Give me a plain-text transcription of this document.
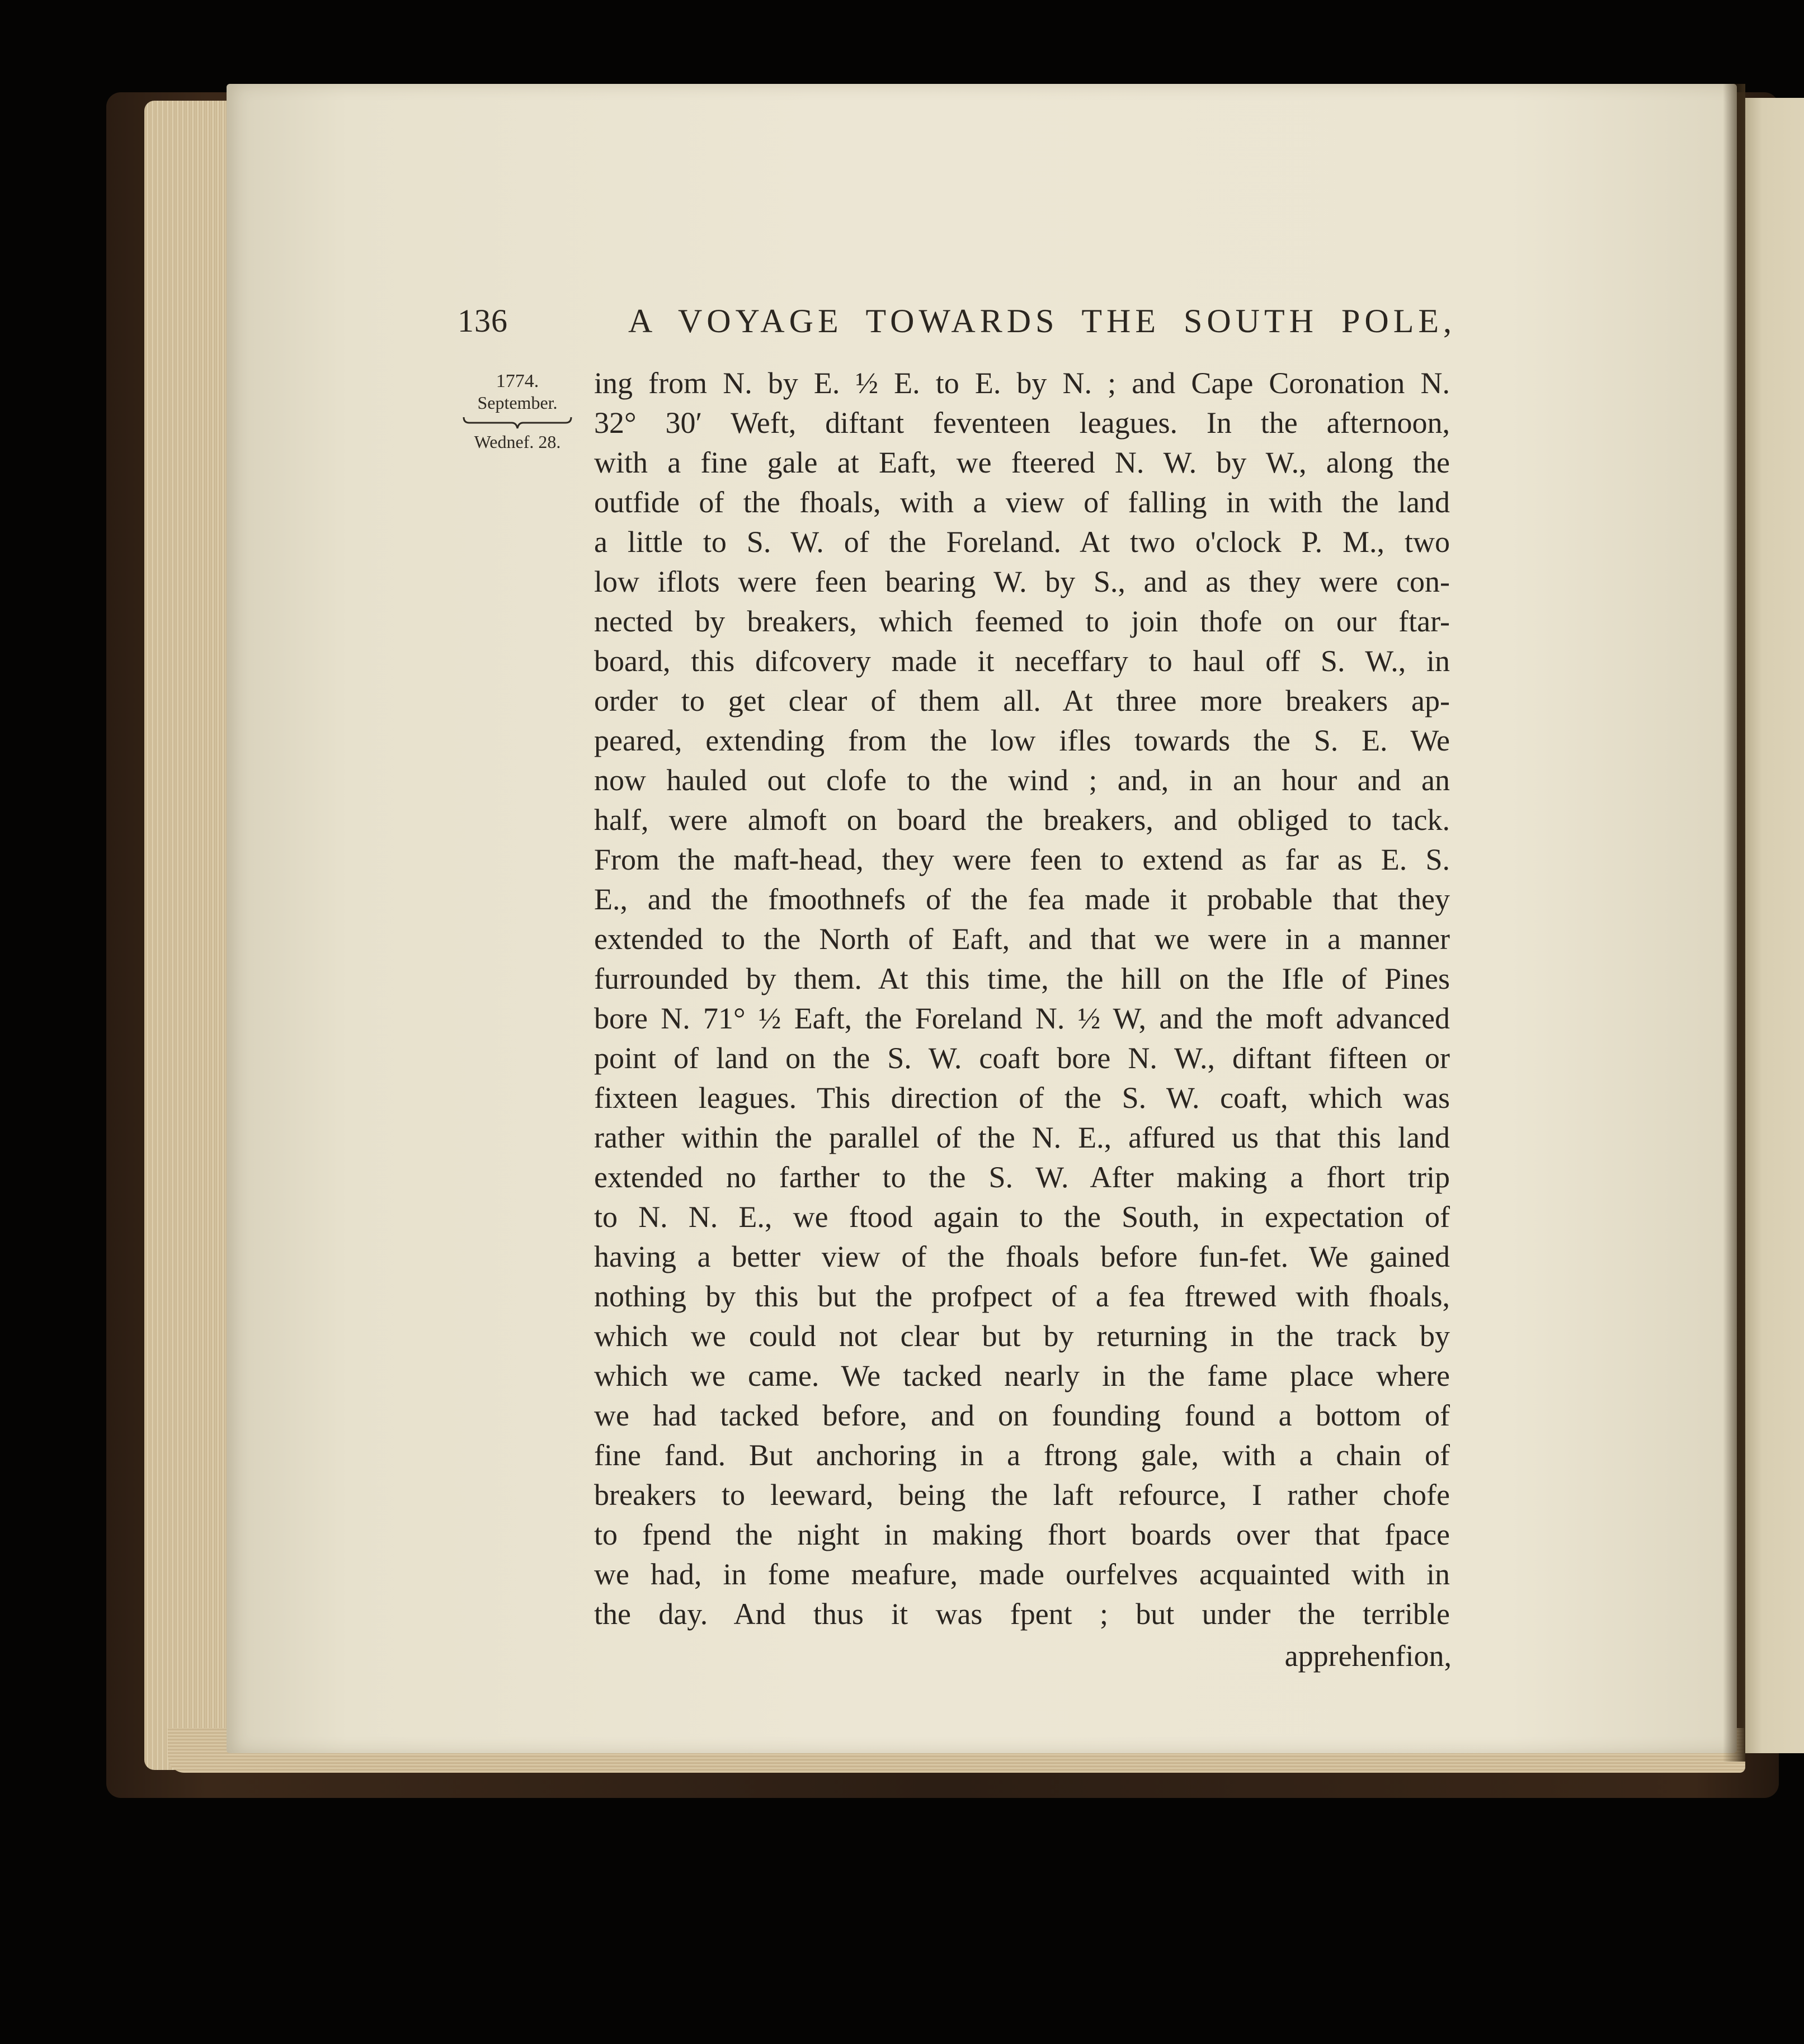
136	A VOYAGE TOWARDS THE SOUTH POLE,
1774.
September.
Wednef. 28.
ing from N. by E. ½ E. to E. by N. ; and Cape Coronation N.
32° 30′ Weft, diftant feventeen leagues. In the afternoon,
with a fine gale at Eaft, we fteered N. W. by W., along the
outfide of the fhoals, with a view of falling in with the land
a little to S. W. of the Foreland. At two o'clock P. M., two
low iflots were feen bearing W. by S., and as they were con-
nected by breakers, which feemed to join thofe on our ftar-
board, this difcovery made it neceffary to haul off S. W., in
order to get clear of them all. At three more breakers ap-
peared, extending from the low ifles towards the S. E. We
now hauled out clofe to the wind ; and, in an hour and an
half, were almoft on board the breakers, and obliged to tack.
From the maft-head, they were feen to extend as far as E. S.
E., and the fmoothnefs of the fea made it probable that they
extended to the North of Eaft, and that we were in a manner
furrounded by them. At this time, the hill on the Ifle of Pines
bore N. 71° ½ Eaft, the Foreland N. ½ W, and the moft advanced
point of land on the S. W. coaft bore N. W., diftant fifteen or
fixteen leagues. This direction of the S. W. coaft, which was
rather within the parallel of the N. E., affured us that this land
extended no farther to the S. W. After making a fhort trip
to N. N. E., we ftood again to the South, in expectation of
having a better view of the fhoals before fun-fet. We gained
nothing by this but the profpect of a fea ftrewed with fhoals,
which we could not clear but by returning in the track by
which we came. We tacked nearly in the fame place where
we had tacked before, and on founding found a bottom of
fine fand. But anchoring in a ftrong gale, with a chain of
breakers to leeward, being the laft refource, I rather chofe
to fpend the night in making fhort boards over that fpace
we had, in fome meafure, made ourfelves acquainted with in
the day. And thus it was fpent ; but under the terrible
apprehenfion,
